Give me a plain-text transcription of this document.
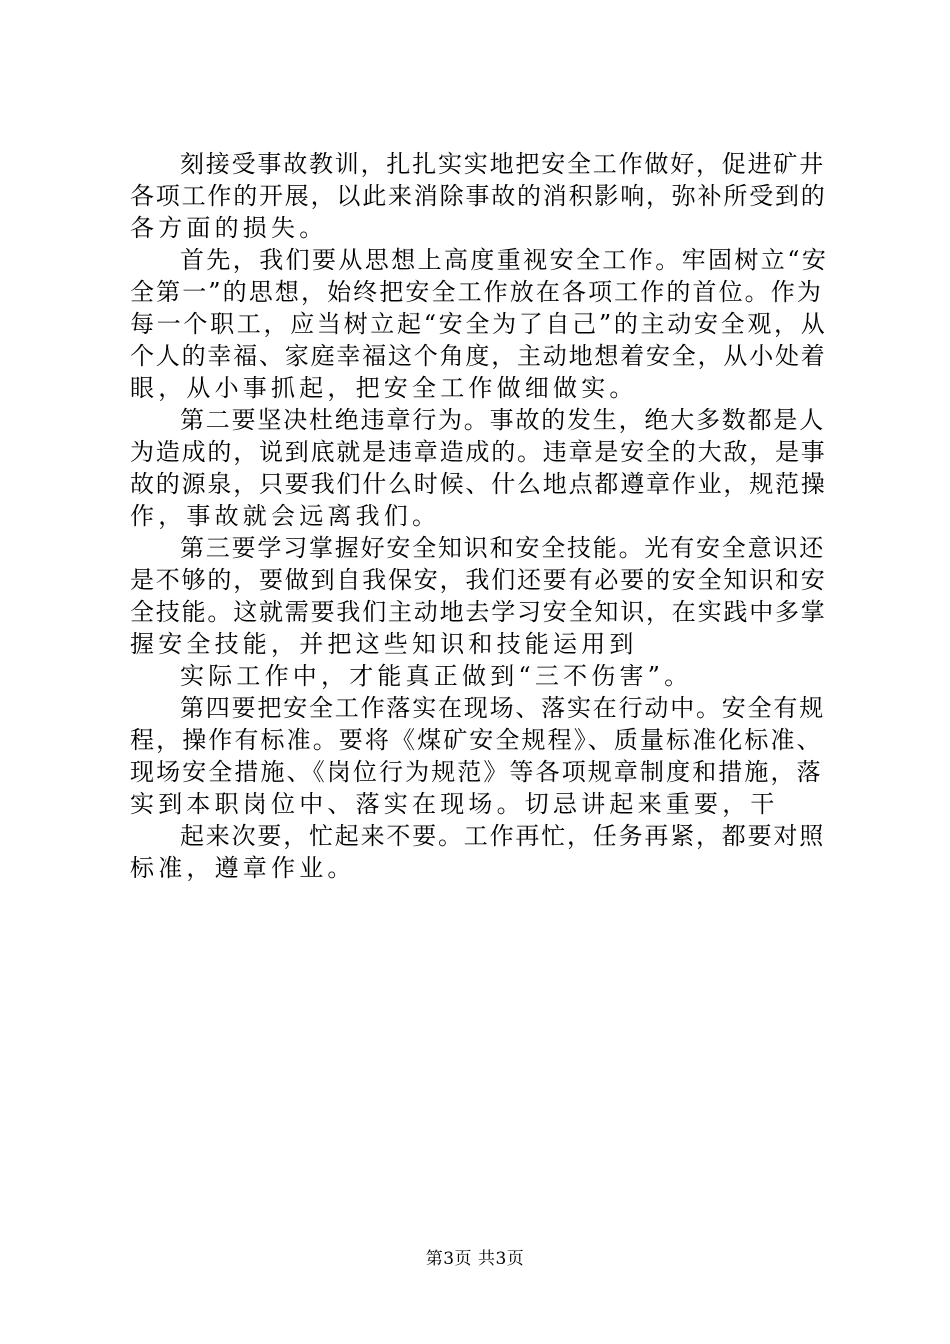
刻接受事故教训，扎扎实实地把安全工作做好，促进矿井
各项工作的开展，以此来消除事故的消积影响，弥补所受到的
各方面的损失。
首先，我们要从思想上高度重视安全工作。牢固树立“安
全第一”的思想，始终把安全工作放在各项工作的首位。作为
每一个职工，应当树立起“安全为了自己”的主动安全观，从
个人的幸福、家庭幸福这个角度，主动地想着安全，从小处着
眼，从小事抓起，把安全工作做细做实。
第二要坚决杜绝违章行为。事故的发生，绝大多数都是人
为造成的，说到底就是违章造成的。违章是安全的大敌，是事
故的源泉，只要我们什么时候、什么地点都遵章作业，规范操
作，事故就会远离我们。
第三要学习掌握好安全知识和安全技能。光有安全意识还
是不够的，要做到自我保安，我们还要有必要的安全知识和安
全技能。这就需要我们主动地去学习安全知识，在实践中多掌
握安全技能，并把这些知识和技能运用到
实际工作中，才能真正做到“三不伤害”。
第四要把安全工作落实在现场、落实在行动中。安全有规
程，操作有标准。要将《煤矿安全规程》、质量标准化标准、
现场安全措施、《岗位行为规范》等各项规章制度和措施，落
实到本职岗位中、落实在现场。切忌讲起来重要，干
起来次要，忙起来不要。工作再忙，任务再紧，都要对照
标准，遵章作业。
第3页 共3页
